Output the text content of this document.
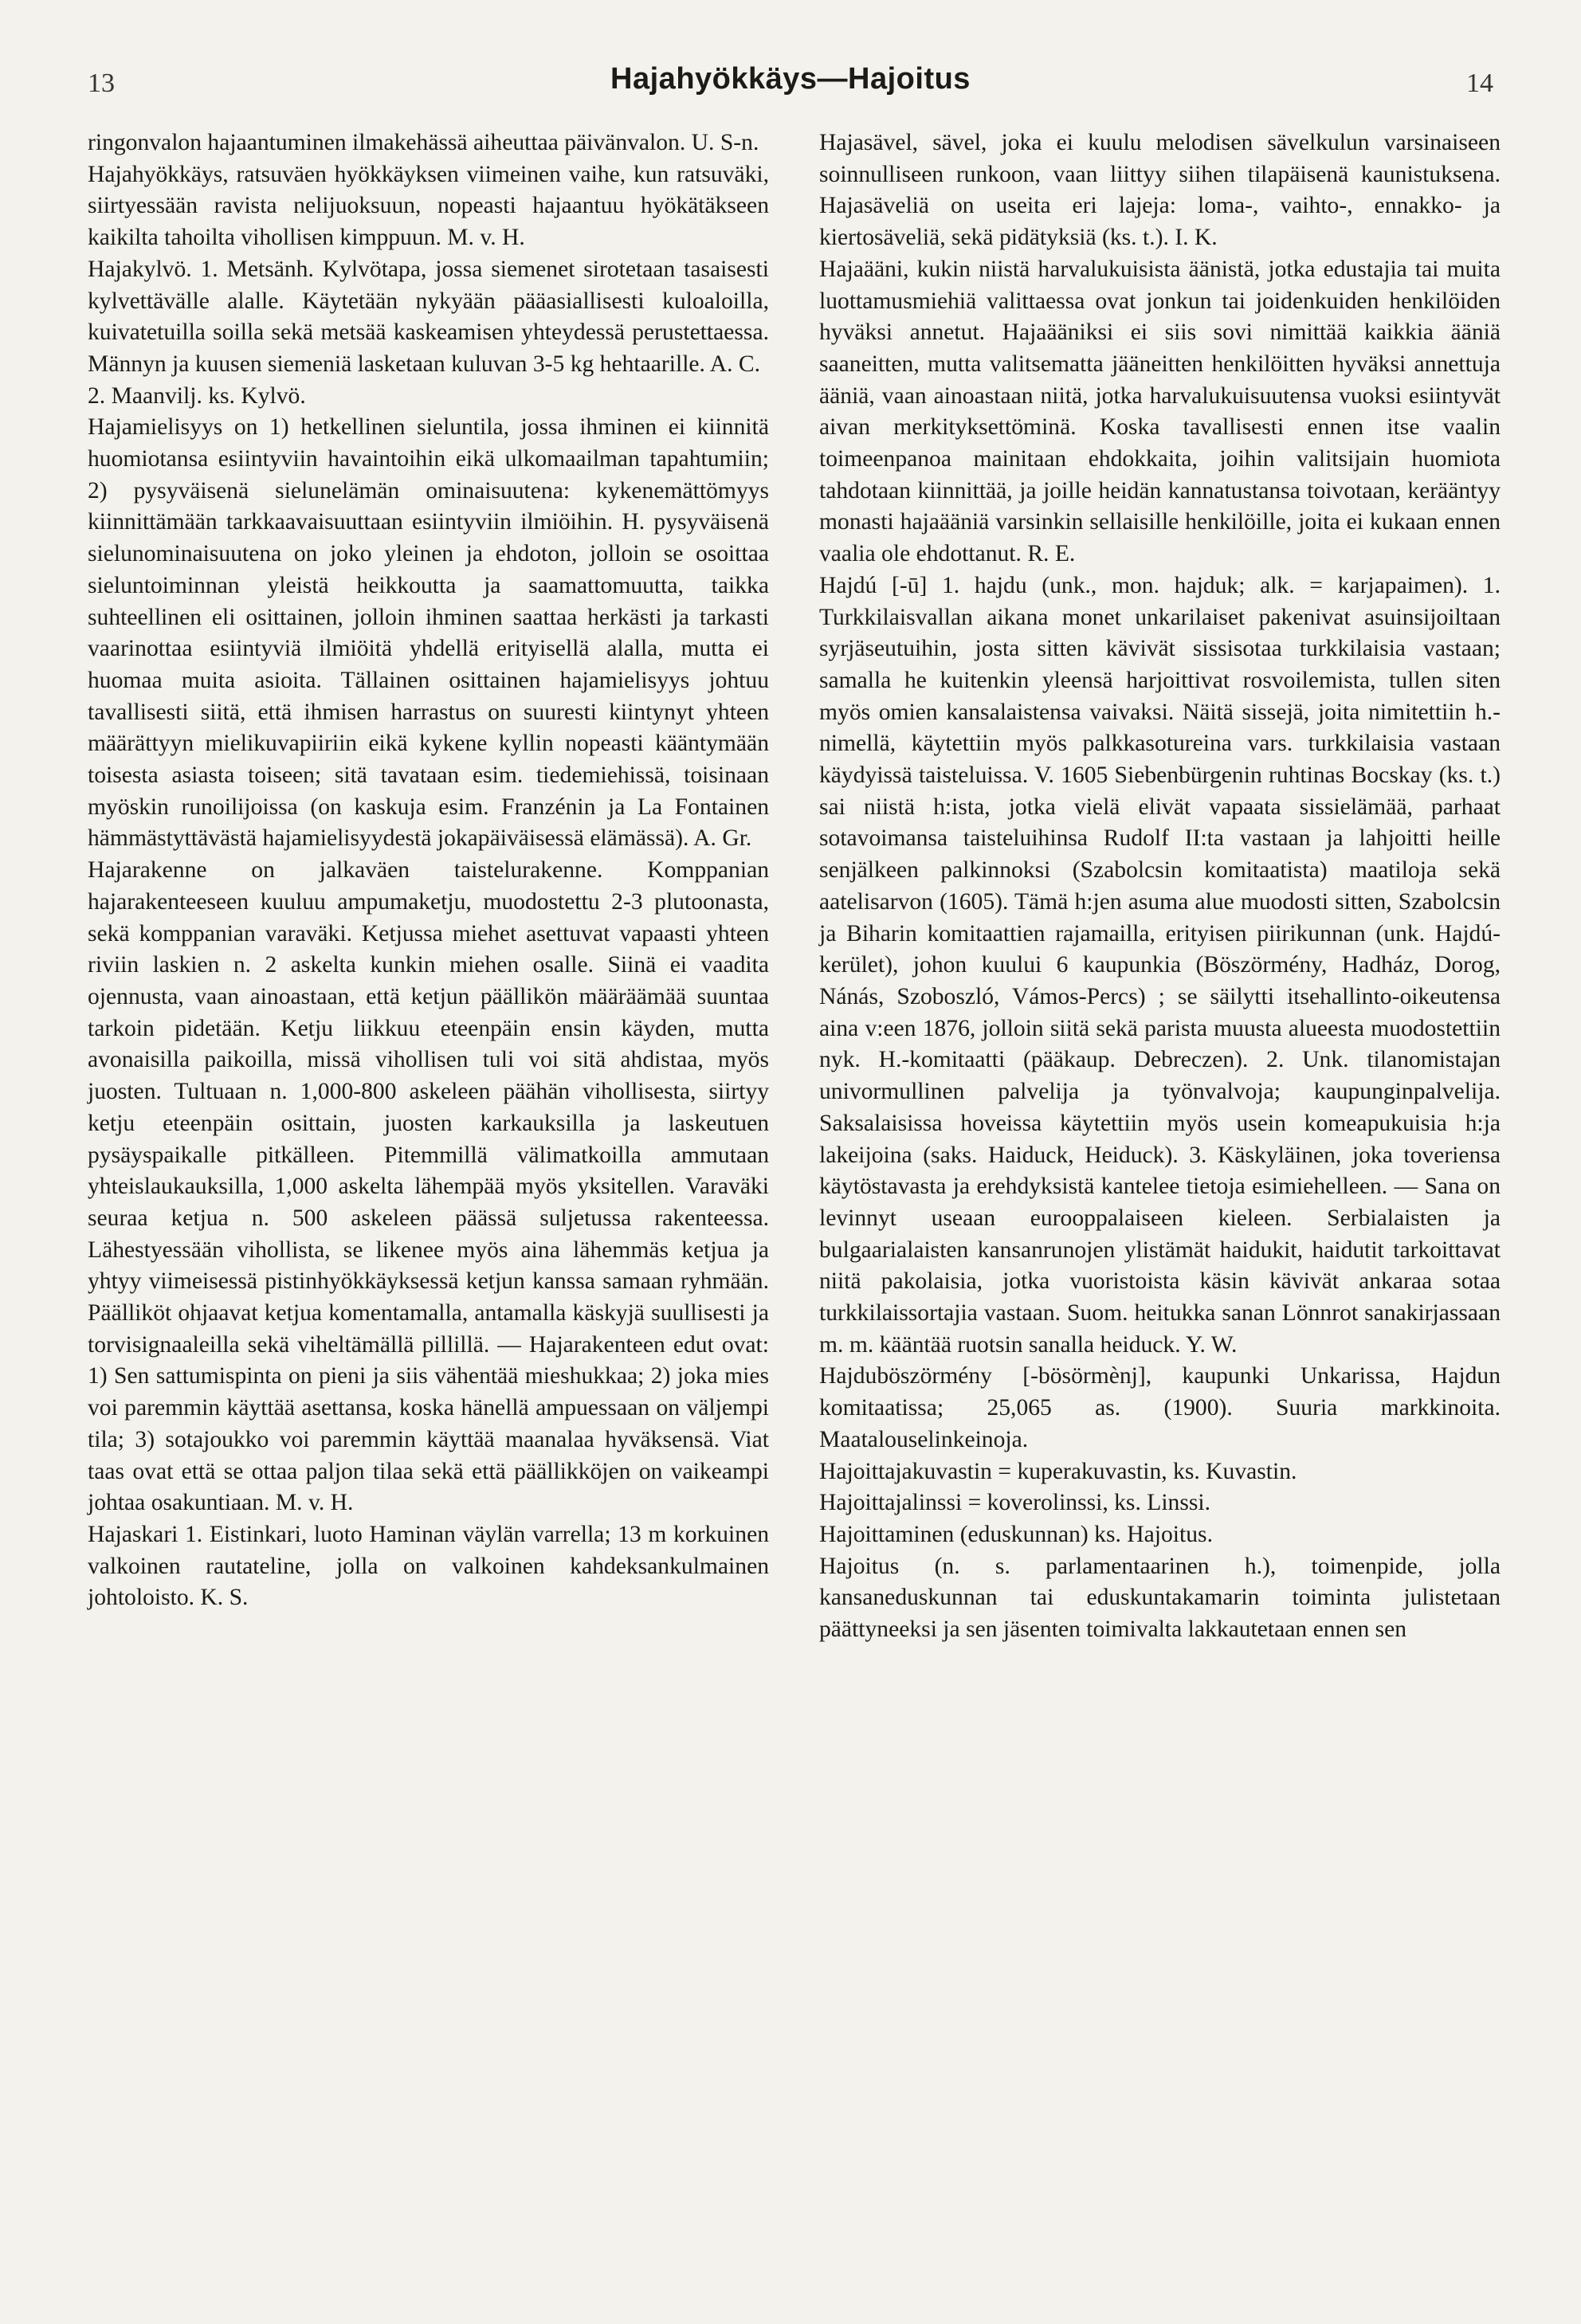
13	Hajahyökkäys—Hajoitus	14

ringonvalon hajaantuminen ilmakehässä aiheuttaa päivänvalon. U. S-n.

Hajahyökkäys, ratsuväen hyökkäyksen viimeinen vaihe, kun ratsuväki, siirtyessään ravista nelijuoksuun, nopeasti hajaantuu hyökätäkseen kaikilta tahoilta vihollisen kimppuun. M. v. H.

Hajakylvö. 1. Metsänh. Kylvötapa, jossa siemenet sirotetaan tasaisesti kylvettävälle alalle. Käytetään nykyään pääasiallisesti kuloaloilla, kuivatetuilla soilla sekä metsää kaskeamisen yhteydessä perustettaessa. Männyn ja kuusen siemeniä lasketaan kuluvan 3-5 kg hehtaarille. A. C.

2. Maanvilj. ks. Kylvö.

Hajamielisyys on 1) hetkellinen sieluntila, jossa ihminen ei kiinnitä huomiotansa esiintyviin havaintoihin eikä ulkomaailman tapahtumiin; 2) pysyväisenä sielunelämän ominaisuutena: kykenemättömyys kiinnittämään tarkkaavaisuuttaan esiintyviin ilmiöihin. H. pysyväisenä sielunominaisuutena on joko yleinen ja ehdoton, jolloin se osoittaa sieluntoiminnan yleistä heikkoutta ja saamattomuutta, taikka suhteellinen eli osittainen, jolloin ihminen saattaa herkästi ja tarkasti vaarinottaa esiintyviä ilmiöitä yhdellä erityisellä alalla, mutta ei huomaa muita asioita. Tällainen osittainen hajamielisyys johtuu tavallisesti siitä, että ihmisen harrastus on suuresti kiintynyt yhteen määrättyyn mielikuvapiiriin eikä kykene kyllin nopeasti kääntymään toisesta asiasta toiseen; sitä tavataan esim. tiedemiehissä, toisinaan myöskin runoilijoissa (on kaskuja esim. Franzénin ja La Fontainen hämmästyttävästä hajamielisyydestä jokapäiväisessä elämässä). A. Gr.

Hajarakenne on jalkaväen taistelurakenne. Komppanian hajarakenteeseen kuuluu ampumaketju, muodostettu 2-3 plutoonasta, sekä komppanian varaväki. Ketjussa miehet asettuvat vapaasti yhteen riviin laskien n. 2 askelta kunkin miehen osalle. Siinä ei vaadita ojennusta, vaan ainoastaan, että ketjun päällikön määräämää suuntaa tarkoin pidetään. Ketju liikkuu eteenpäin ensin käyden, mutta avonaisilla paikoilla, missä vihollisen tuli voi sitä ahdistaa, myös juosten. Tultuaan n. 1,000-800 askeleen päähän vihollisesta, siirtyy ketju eteenpäin osittain, juosten karkauksilla ja laskeutuen pysäyspaikalle pitkälleen. Pitemmillä välimatkoilla ammutaan yhteislaukauksilla, 1,000 askelta lähempää myös yksitellen. Varaväki seuraa ketjua n. 500 askeleen päässä suljetussa rakenteessa. Lähestyessään vihollista, se likenee myös aina lähemmäs ketjua ja yhtyy viimeisessä pistinhyökkäyksessä ketjun kanssa samaan ryhmään. Päälliköt ohjaavat ketjua komentamalla, antamalla käskyjä suullisesti ja torvisignaaleilla sekä viheltämällä pillillä. — Hajarakenteen edut ovat: 1) Sen sattumispinta on pieni ja siis vähentää mieshukkaa; 2) joka mies voi paremmin käyttää asettansa, koska hänellä ampuessaan on väljempi tila; 3) sotajoukko voi paremmin käyttää maanalaa hyväksensä. Viat taas ovat että se ottaa paljon tilaa sekä että päällikköjen on vaikeampi johtaa osakuntiaan. M. v. H.

Hajaskari 1. Eistinkari, luoto Haminan väylän varrella; 13 m korkuinen valkoinen rautateline, jolla on valkoinen kahdeksankulmainen johtoloisto. K. S.

Hajasävel, sävel, joka ei kuulu melodisen sävelkulun varsinaiseen soinnulliseen runkoon, vaan liittyy siihen tilapäisenä kaunistuksena. Hajasäveliä on useita eri lajeja: loma-, vaihto-, ennakko- ja kiertosäveliä, sekä pidätyksiä (ks. t.). I. K.

Hajaääni, kukin niistä harvalukuisista äänistä, jotka edustajia tai muita luottamusmiehiä valittaessa ovat jonkun tai joidenkuiden henkilöiden hyväksi annetut. Hajaääniksi ei siis sovi nimittää kaikkia ääniä saaneitten, mutta valitsematta jääneitten henkilöitten hyväksi annettuja ääniä, vaan ainoastaan niitä, jotka harvalukuisuutensa vuoksi esiintyvät aivan merkityksettöminä. Koska tavallisesti ennen itse vaalin toimeenpanoa mainitaan ehdokkaita, joihin valitsijain huomiota tahdotaan kiinnittää, ja joille heidän kannatustansa toivotaan, kerääntyy monasti hajaääniä varsinkin sellaisille henkilöille, joita ei kukaan ennen vaalia ole ehdottanut. R. E.

Hajdú [-ū] 1. hajdu (unk., mon. hajduk; alk. = karjapaimen). 1. Turkkilaisvallan aikana monet unkarilaiset pakenivat asuinsijoiltaan syrjäseutuihin, josta sitten kävivät sissisotaa turkkilaisia vastaan; samalla he kuitenkin yleensä harjoittivat rosvoilemista, tullen siten myös omien kansalaistensa vaivaksi. Näitä sissejä, joita nimitettiin h.-nimellä, käytettiin myös palkkasotureina vars. turkkilaisia vastaan käydyissä taisteluissa. V. 1605 Siebenbürgenin ruhtinas Bocskay (ks. t.) sai niistä h:ista, jotka vielä elivät vapaata sissielämää, parhaat sotavoimansa taisteluihinsa Rudolf II:ta vastaan ja lahjoitti heille senjälkeen palkinnoksi (Szabolcsin komitaatista) maatiloja sekä aatelisarvon (1605). Tämä h:jen asuma alue muodosti sitten, Szabolcsin ja Biharin komitaattien rajamailla, erityisen piirikunnan (unk. Hajdú-kerület), johon kuului 6 kaupunkia (Böszörmény, Hadház, Dorog, Nánás, Szoboszló, Vámos-Percs) ; se säilytti itsehallinto-oikeutensa aina v:een 1876, jolloin siitä sekä parista muusta alueesta muodostettiin nyk. H.-komitaatti (pääkaup. Debreczen). 2. Unk. tilanomistajan univormullinen palvelija ja työnvalvoja; kaupunginpalvelija. Saksalaisissa hoveissa käytettiin myös usein komeapukuisia h:ja lakeijoina (saks. Haiduck, Heiduck). 3. Käskyläinen, joka toveriensa käytöstavasta ja erehdyksistä kantelee tietoja esimiehelleen. — Sana on levinnyt useaan eurooppalaiseen kieleen. Serbialaisten ja bulgaarialaisten kansanrunojen ylistämät haidukit, haidutit tarkoittavat niitä pakolaisia, jotka vuoristoista käsin kävivät ankaraa sotaa turkkilaissortajia vastaan. Suom. heitukka sanan Lönnrot sanakirjassaan m. m. kääntää ruotsin sanalla heiduck. Y. W.

Hajduböszörmény [-bösörmènj], kaupunki Unkarissa, Hajdun komitaatissa; 25,065 as. (1900). Suuria markkinoita. Maatalouselinkeinoja.

Hajoittajakuvastin = kuperakuvastin, ks. Kuvastin.

Hajoittajalinssi = koverolinssi, ks. Linssi.

Hajoittaminen (eduskunnan) ks. Hajoitus.

Hajoitus (n. s. parlamentaarinen h.), toimenpide, jolla kansaneduskunnan tai eduskuntakamarin toiminta julistetaan päättyneeksi ja sen jäsenten toimivalta lakkautetaan ennen sen
